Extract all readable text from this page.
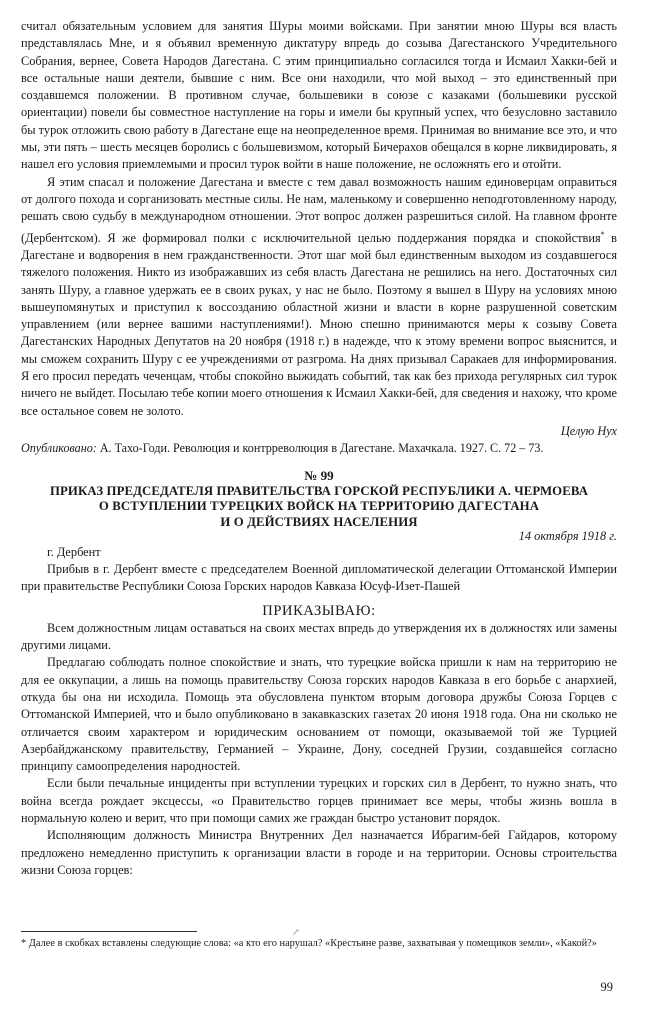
считал обязательным условием для занятия Шуры моими войсками. При занятии мною Шуры вся власть представлялась Мне, и я объявил временную диктатуру впредь до созыва Дагестанского Учредительного Собрания, вернее, Совета Народов Дагестана. С этим принципиально согласился тогда и Исмаил Хакки-бей и все остальные наши деятели, бывшие с ним. Все они находили, что мой выход – это единственный при создавшемся положении. В противном случае, большевики в союзе с казаками (большевики русской ориентации) повели бы совместное наступление на горы и имели бы крупный успех, что безусловно заставило бы турок отложить свою работу в Дагестане еще на неопределенное время. Принимая во внимание все это, и что мы, эти пять – шесть месяцев боролись с большевизмом, который Бичерахов обещался в корне ликвидировать, я нашел его условия приемлемыми и просил турок войти в наше положение, не осложнять его и отойти.

Я этим спасал и положение Дагестана и вместе с тем давал возможность нашим единоверцам оправиться от долгого похода и сорганизовать местные силы. Не нам, маленькому и совершенно неподготовленному народу, решать свою судьбу в международном отношении. Этот вопрос должен разрешиться силой. На главном фронте (Дербентском). Я же формировал полки с исключительной целью поддержания порядка и спокойствия* в Дагестане и водворения в нем гражданственности. Этот шаг мой был единственным выходом из создавшегося тяжелого положения. Никто из изображавших из себя власть Дагестана не решились на него. Достаточных сил занять Шуру, а главное удержать ее в своих руках, у нас не было. Поэтому я вышел в Шуру на условиях мною вышеупомянутых и приступил к воссозданию областной жизни и власти в корне разрушенной советским управлением (или вернее вашими наступлениями!). Мною спешно принимаются меры к созыву Совета Дагестанских Народных Депутатов на 20 ноября (1918 г.) в надежде, что к этому времени вопрос выяснится, и мы сможем сохранить Шуру с ее учреждениями от разгрома. На днях призывал Саракаев для информирования. Я его просил передать чеченцам, чтобы спокойно выжидать событий, так как без прихода регулярных сил турок ничего не выйдет. Посылаю тебе копии моего отношения к Исмаил Хакки-бей, для сведения и нахожу, что кроме все остальное совем не золото.

Целую Нух

Опубликовано: А. Тахо-Годи. Революция и контрреволюция в Дагестане. Махачкала. 1927. С. 72 – 73.

№ 99
ПРИКАЗ ПРЕДСЕДАТЕЛЯ ПРАВИТЕЛЬСТВА ГОРСКОЙ РЕСПУБЛИКИ А. ЧЕРМОЕВА
О ВСТУПЛЕНИИ ТУРЕЦКИХ ВОЙСК НА ТЕРРИТОРИЮ ДАГЕСТАНА
И О ДЕЙСТВИЯХ НАСЕЛЕНИЯ
14 октября 1918 г.
г. Дербент

Прибыв в г. Дербент вместе с председателем Военной дипломатической делегации Оттоманской Империи при правительстве Республики Союза Горских народов Кавказа Юсуф-Изет-Пашей

ПРИКАЗЫВАЮ:

Всем должностным лицам оставаться на своих местах впредь до утверждения их в должностях или замены другими лицами.

Предлагаю соблюдать полное спокойствие и знать, что турецкие войска пришли к нам на территорию не для ее оккупации, а лишь на помощь правительству Союза горских народов Кавказа в его борьбе с анархией, откуда бы она ни исходила. Помощь эта обусловлена пунктом вторым договора дружбы Союза Горцев с Оттоманской Империей, что и было опубликовано в закавказских газетах 20 июня 1918 года. Она ни сколько не отличается своим характером и юридическим основанием от помощи, оказываемой той же Турцией Азербайджанскому правительству, Германией – Украине, Дону, соседней Грузии, создавшейся согласно принципу самоопределения народностей.

Если были печальные инциденты при вступлении турецких и горских сил в Дербент, то нужно знать, что война всегда рождает эксцессы, «о Правительство горцев принимает все меры, чтобы жизнь вошла в нормальную колею и верит, что при помощи самих же граждан быстро установит порядок.

Исполняющим должность Министра Внутренних Дел назначается Ибрагим-бей Гайдаров, которому предложено немедленно приступить к организации власти в городе и на территории. Основы строительства жизни Союза горцев:

↗
* Далее в скобках вставлены следующие слова: «а кто его нарушал? «Крестьяне разве, захватывая у помещиков земли», «Какой?»
99
